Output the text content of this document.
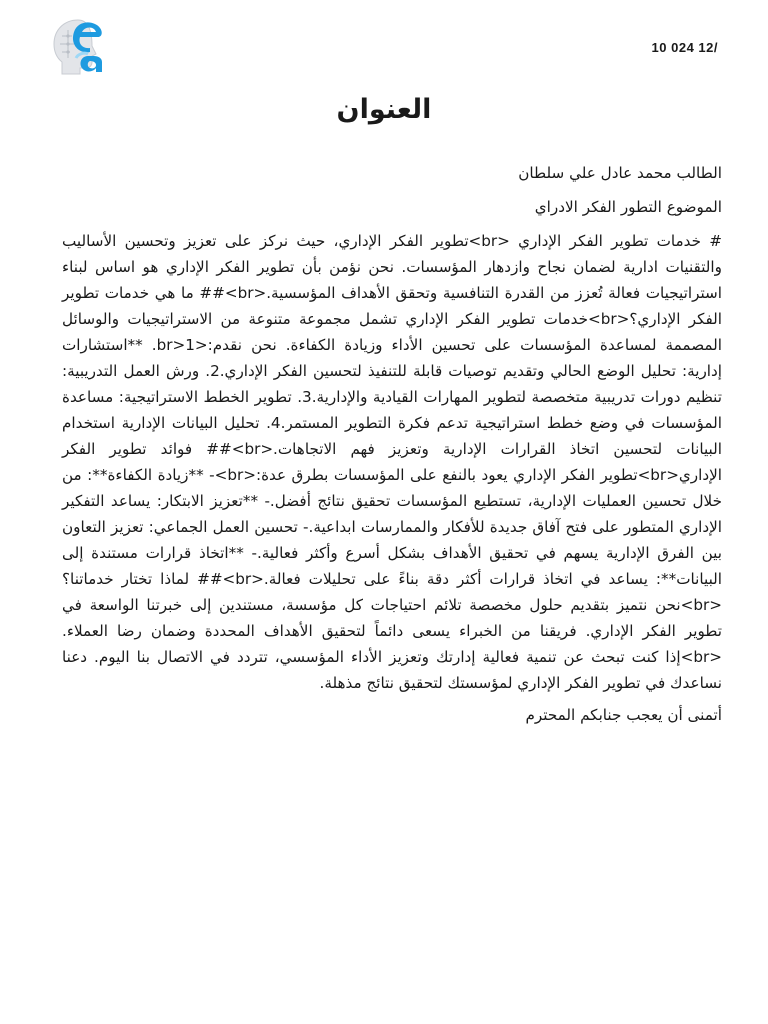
10 024 12/
العنوان

الطالب محمد عادل علي سلطان

الموضوع التطور الفكر الادراي

# خدمات تطوير الفكر الإداري <br>تطوير الفكر الإداري، حيث نركز على تعزيز وتحسين الأساليب والتقنيات ادارية لضمان نجاح وازدهار المؤسسات. نحن نؤمن بأن تطوير الفكر الإداري هو اساس لبناء استراتيجيات فعالة تُعزز من القدرة التنافسية وتحقق الأهداف المؤسسية.<br>## ما هي خدمات تطوير الفكر الإداري؟<br>خدمات تطوير الفكر الإداري تشمل مجموعة متنوعة من الاستراتيجيات والوسائل المصممة لمساعدة المؤسسات على تحسين الأداء وزيادة الكفاءة. نحن نقدم:<br>1. **استشارات إدارية: تحليل الوضع الحالي وتقديم توصيات قابلة للتنفيذ لتحسين الفكر الإداري.2. ورش العمل التدريبية: تنظيم دورات تدريبية متخصصة لتطوير المهارات القيادية والإدارية.3. تطوير الخطط الاستراتيجية: مساعدة المؤسسات في وضع خطط استراتيجية تدعم فكرة التطوير المستمر.4. تحليل البيانات الإدارية استخدام البيانات لتحسين اتخاذ القرارات الإدارية وتعزيز فهم الاتجاهات.<br>## فوائد تطوير الفكر الإداري<br>تطوير الفكر الإداري يعود بالنفع على المؤسسات بطرق عدة:<br>- **زيادة الكفاءة**: من خلال تحسين العمليات الإدارية، تستطيع المؤسسات تحقيق نتائج أفضل.- **تعزيز الابتكار: يساعد التفكير الإداري المتطور على فتح آفاق جديدة للأفكار والممارسات ابداعية.- تحسين العمل الجماعي: تعزيز التعاون بين الفرق الإدارية يسهم في تحقيق الأهداف بشكل أسرع وأكثر فعالية.- **اتخاذ قرارات مستندة إلى البيانات**: يساعد في اتخاذ قرارات أكثر دقة بناءً على تحليلات فعالة.<br>## لماذا تختار خدماتنا؟ <br>نحن نتميز بتقديم حلول مخصصة تلائم احتياجات كل مؤسسة، مستندين إلى خبرتنا الواسعة في تطوير الفكر الإداري. فريقنا من الخبراء يسعى دائماً لتحقيق الأهداف المحددة وضمان رضا العملاء.<br>إذا كنت تبحث عن تنمية فعالية إدارتك وتعزيز الأداء المؤسسي، تتردد في الاتصال بنا اليوم. دعنا نساعدك في تطوير الفكر الإداري لمؤسستك لتحقيق نتائج مذهلة.

أتمنى أن يعجب جنابكم المحترم
